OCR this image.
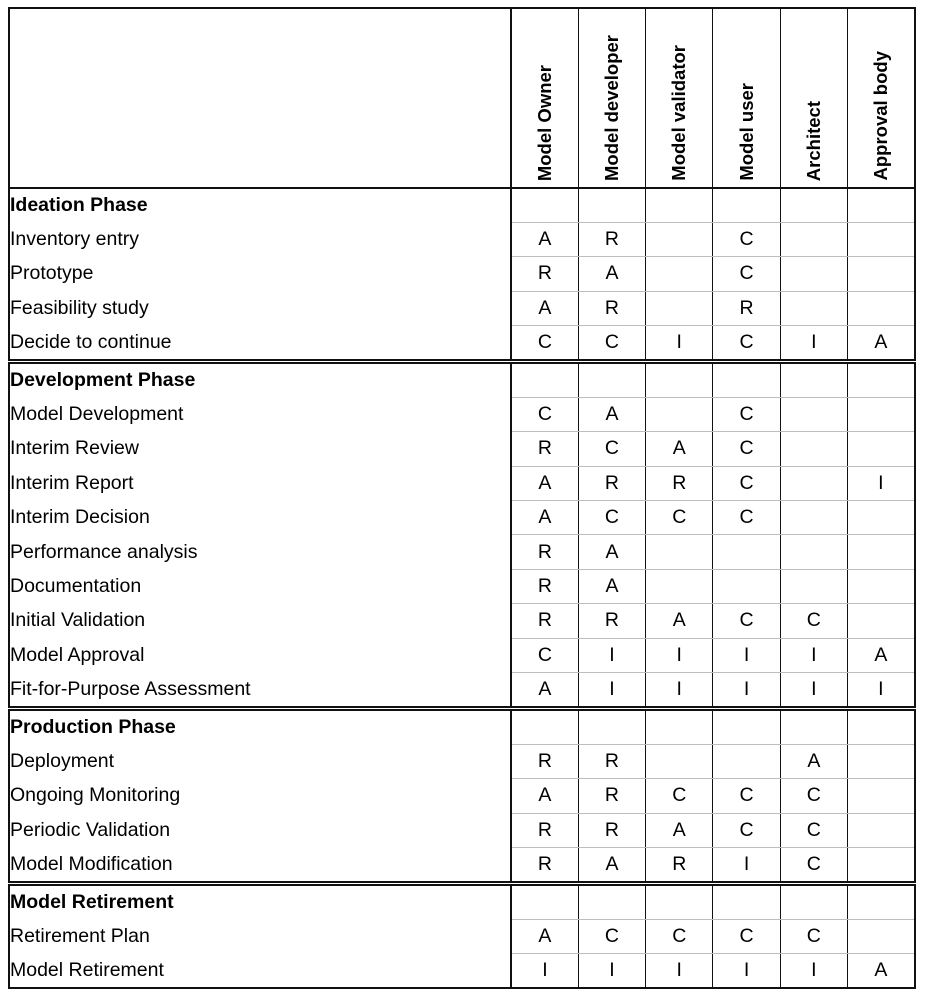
	Model Owner	Model developer	Model validator	Model user	Architect	Approval body

Ideation Phase						
Inventory entry	A	R		C		
Prototype	R	A		C		
Feasibility study	A	R		R		
Decide to continue	C	C	I	C	I	A

Development Phase						
Model Development	C	A		C		
Interim Review	R	C	A	C		
Interim Report	A	R	R	C		I
Interim Decision	A	C	C	C		
Performance analysis	R	A				
Documentation	R	A				
Initial Validation	R	R	A	C	C	
Model Approval	C	I	I	I	I	A
Fit-for-Purpose Assessment	A	I	I	I	I	I

Production Phase						
Deployment	R	R			A	
Ongoing Monitoring	A	R	C	C	C	
Periodic Validation	R	R	A	C	C	
Model Modification	R	A	R	I	C	

Model Retirement						
Retirement Plan	A	C	C	C	C	
Model Retirement	I	I	I	I	I	A
